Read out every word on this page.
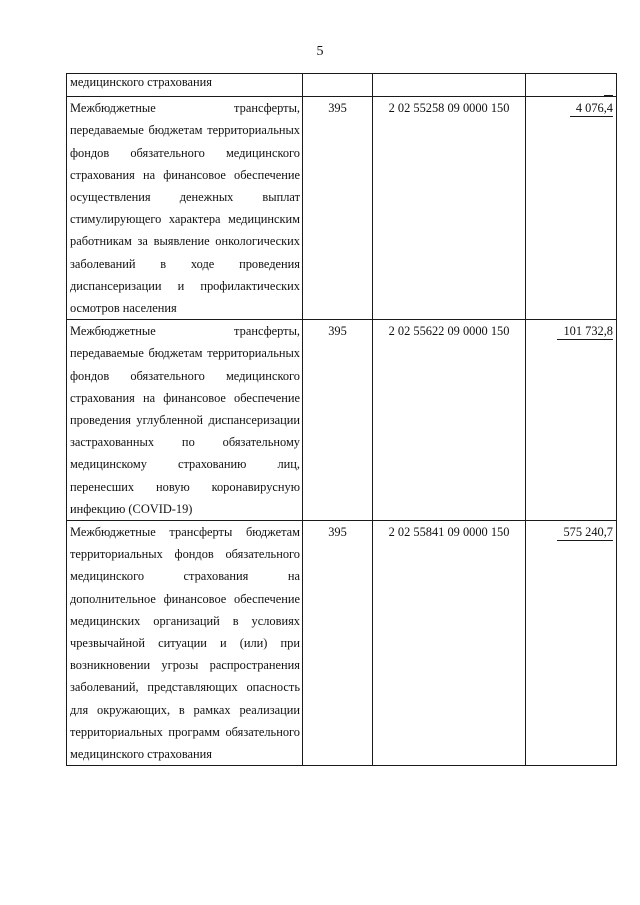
5
медицинского страхования			

Межбюджетные трансферты, передаваемые бюджетам территориальных фондов обязательного медицинского страхования на финансовое обеспечение осуществления денежных выплат стимулирующего характера медицинским работникам за выявление онкологических заболеваний в ходе проведения диспансеризации и профилактических осмотров населения	395	2 02 55258 09 0000 150	4 076,4

Межбюджетные трансферты, передаваемые бюджетам территориальных фондов обязательного медицинского страхования на финансовое обеспечение проведения углубленной диспансеризации застрахованных по обязательному медицинскому страхованию лиц, перенесших новую коронавирусную инфекцию (COVID-19)	395	2 02 55622 09 0000 150	101 732,8

Межбюджетные трансферты бюджетам территориальных фондов обязательного медицинского страхования на дополнительное финансовое обеспечение медицинских организаций в условиях чрезвычайной ситуации и (или) при возникновении угрозы распространения заболеваний, представляющих опасность для окружающих, в рамках реализации территориальных программ обязательного медицинского страхования	395	2 02 55841 09 0000 150	575 240,7
